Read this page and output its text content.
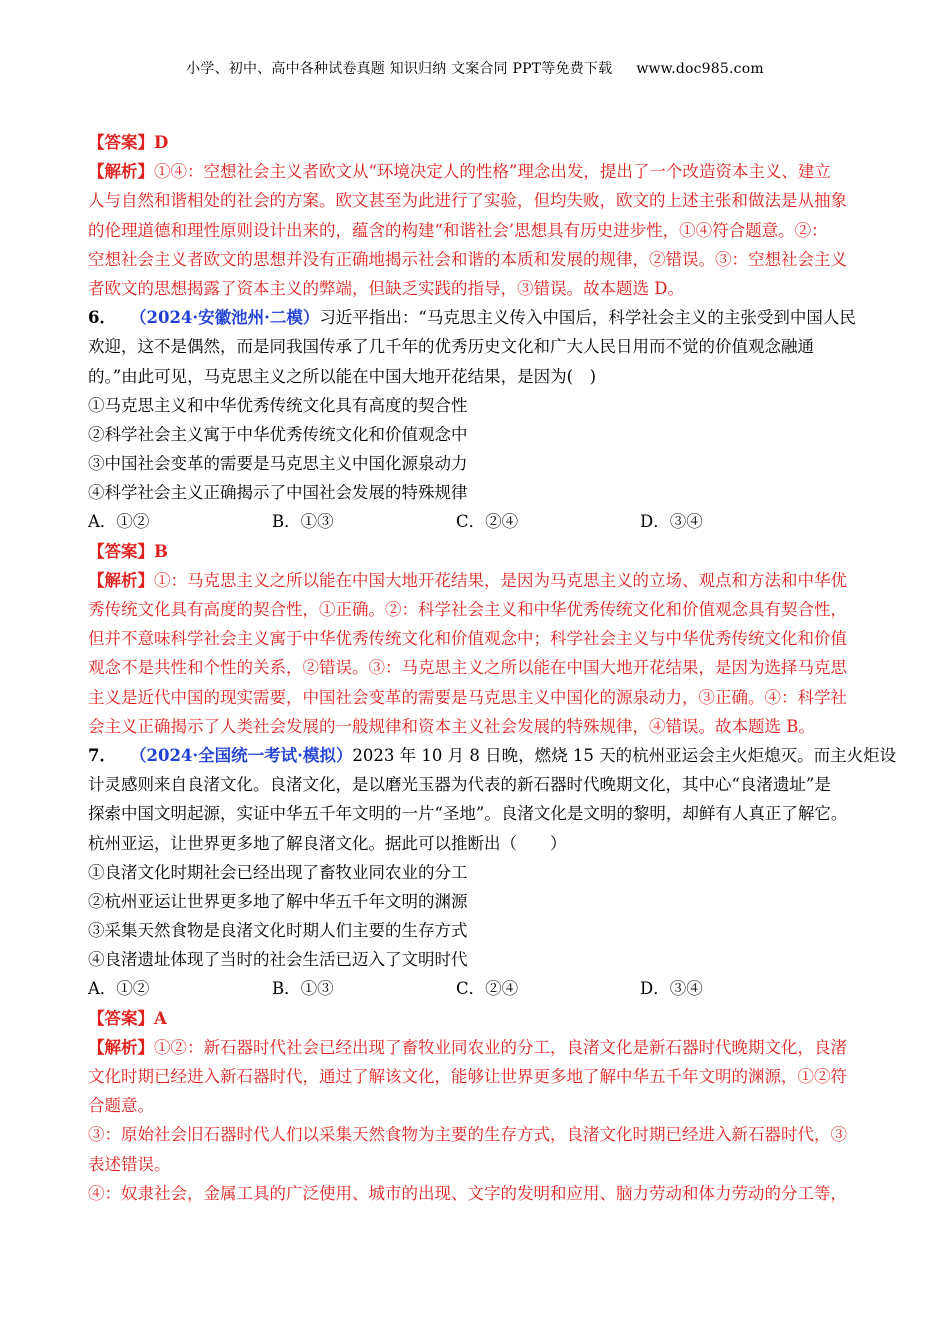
小学、初中、高中各种试卷真题 知识归纳 文案合同 PPT等免费下载 www.doc985.com
【答案】D
【解析】①④：空想社会主义者欧文从“环境决定人的性格”理念出发，提出了一个改造资本主义、建立
人与自然和谐相处的社会的方案。欧文甚至为此进行了实验，但均失败，欧文的上述主张和做法是从抽象
的伦理道德和理性原则设计出来的，蕴含的构建“和谐社会’思想具有历史进步性，①④符合题意。②：
空想社会主义者欧文的思想并没有正确地揭示社会和谐的本质和发展的规律，②错误。③：空想社会主义
者欧文的思想揭露了资本主义的弊端，但缺乏实践的指导，③错误。故本题选 D。
6． （2024·安徽池州·二模）习近平指出：“马克思主义传入中国后，科学社会主义的主张受到中国人民
欢迎，这不是偶然，而是同我国传承了几千年的优秀历史文化和广大人民日用而不觉的价值观念融通
的。”由此可见，马克思主义之所以能在中国大地开花结果，是因为(　)
①马克思主义和中华优秀传统文化具有高度的契合性
②科学社会主义寓于中华优秀传统文化和价值观念中
③中国社会变革的需要是马克思主义中国化源泉动力
④科学社会主义正确揭示了中国社会发展的特殊规律
A．①②	B．①③	C．②④	D．③④
【答案】B
【解析】①：马克思主义之所以能在中国大地开花结果，是因为马克思主义的立场、观点和方法和中华优
秀传统文化具有高度的契合性，①正确。②：科学社会主义和中华优秀传统文化和价值观念具有契合性，
但并不意味科学社会主义寓于中华优秀传统文化和价值观念中；科学社会主义与中华优秀传统文化和价值
观念不是共性和个性的关系，②错误。③：马克思主义之所以能在中国大地开花结果，是因为选择马克思
主义是近代中国的现实需要，中国社会变革的需要是马克思主义中国化的源泉动力，③正确。④：科学社
会主义正确揭示了人类社会发展的一般规律和资本主义社会发展的特殊规律，④错误。故本题选 B。
7． （2024·全国统一考试·模拟）2023 年 10 月 8 日晚，燃烧 15 天的杭州亚运会主火炬熄灭。而主火炬设
计灵感则来自良渚文化。良渚文化，是以磨光玉器为代表的新石器时代晚期文化，其中心“良渚遗址”是
探索中国文明起源，实证中华五千年文明的一片“圣地”。良渚文化是文明的黎明，却鲜有人真正了解它。
杭州亚运，让世界更多地了解良渚文化。据此可以推断出（　　）
①良渚文化时期社会已经出现了畜牧业同农业的分工
②杭州亚运让世界更多地了解中华五千年文明的渊源
③采集天然食物是良渚文化时期人们主要的生存方式
④良渚遗址体现了当时的社会生活已迈入了文明时代
A．①②	B．①③	C．②④	D．③④
【答案】A
【解析】①②：新石器时代社会已经出现了畜牧业同农业的分工，良渚文化是新石器时代晚期文化，良渚
文化时期已经进入新石器时代，通过了解该文化，能够让世界更多地了解中华五千年文明的渊源，①②符
合题意。
③：原始社会旧石器时代人们以采集天然食物为主要的生存方式，良渚文化时期已经进入新石器时代，③
表述错误。
④：奴隶社会，金属工具的广泛使用、城市的出现、文字的发明和应用、脑力劳动和体力劳动的分工等，
